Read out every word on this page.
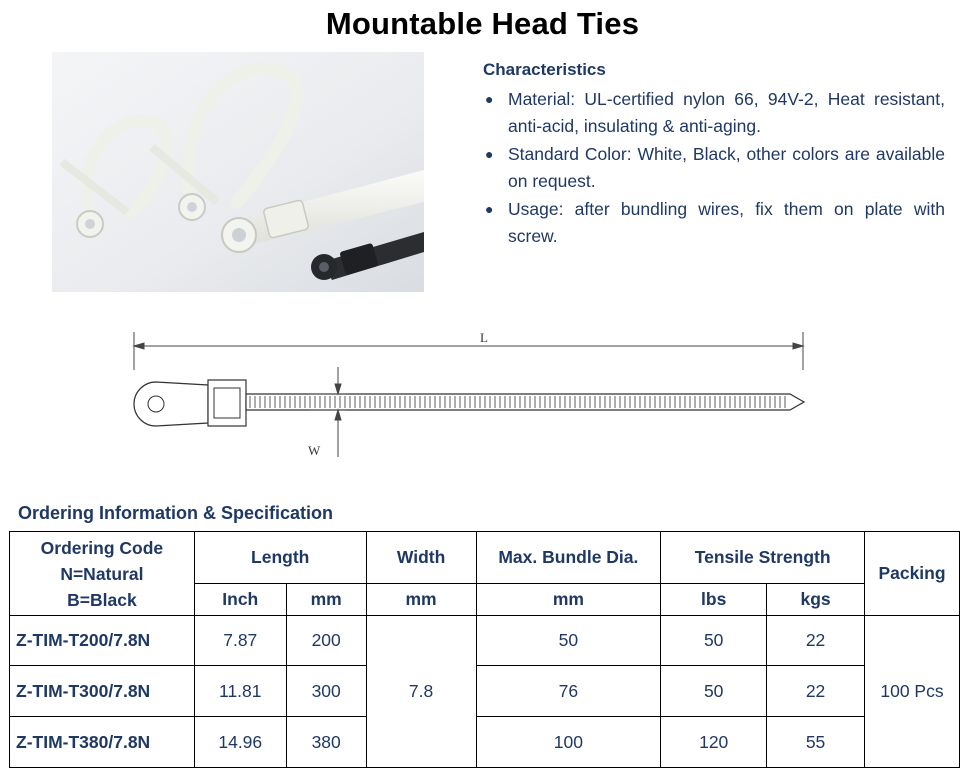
Mountable Head Ties
Characteristics
● Material: UL-certified nylon 66, 94V-2, Heat resistant, anti-acid, insulating & anti-aging.
● Standard Color: White, Black, other colors are available on request.
● Usage: after bundling wires, fix them on plate with screw.
L
W
Ordering Information & Specification
Ordering Code
N=Natural
B=Black	Length		Width	Max. Bundle Dia.	Tensile Strength		Packing
	Inch	mm	mm	mm	lbs	kgs	
Z-TIM-T200/7.8N	7.87	200	7.8	50	50	22	100 Pcs
Z-TIM-T300/7.8N	11.81	300		76	50	22	
Z-TIM-T380/7.8N	14.96	380		100	120	55	
